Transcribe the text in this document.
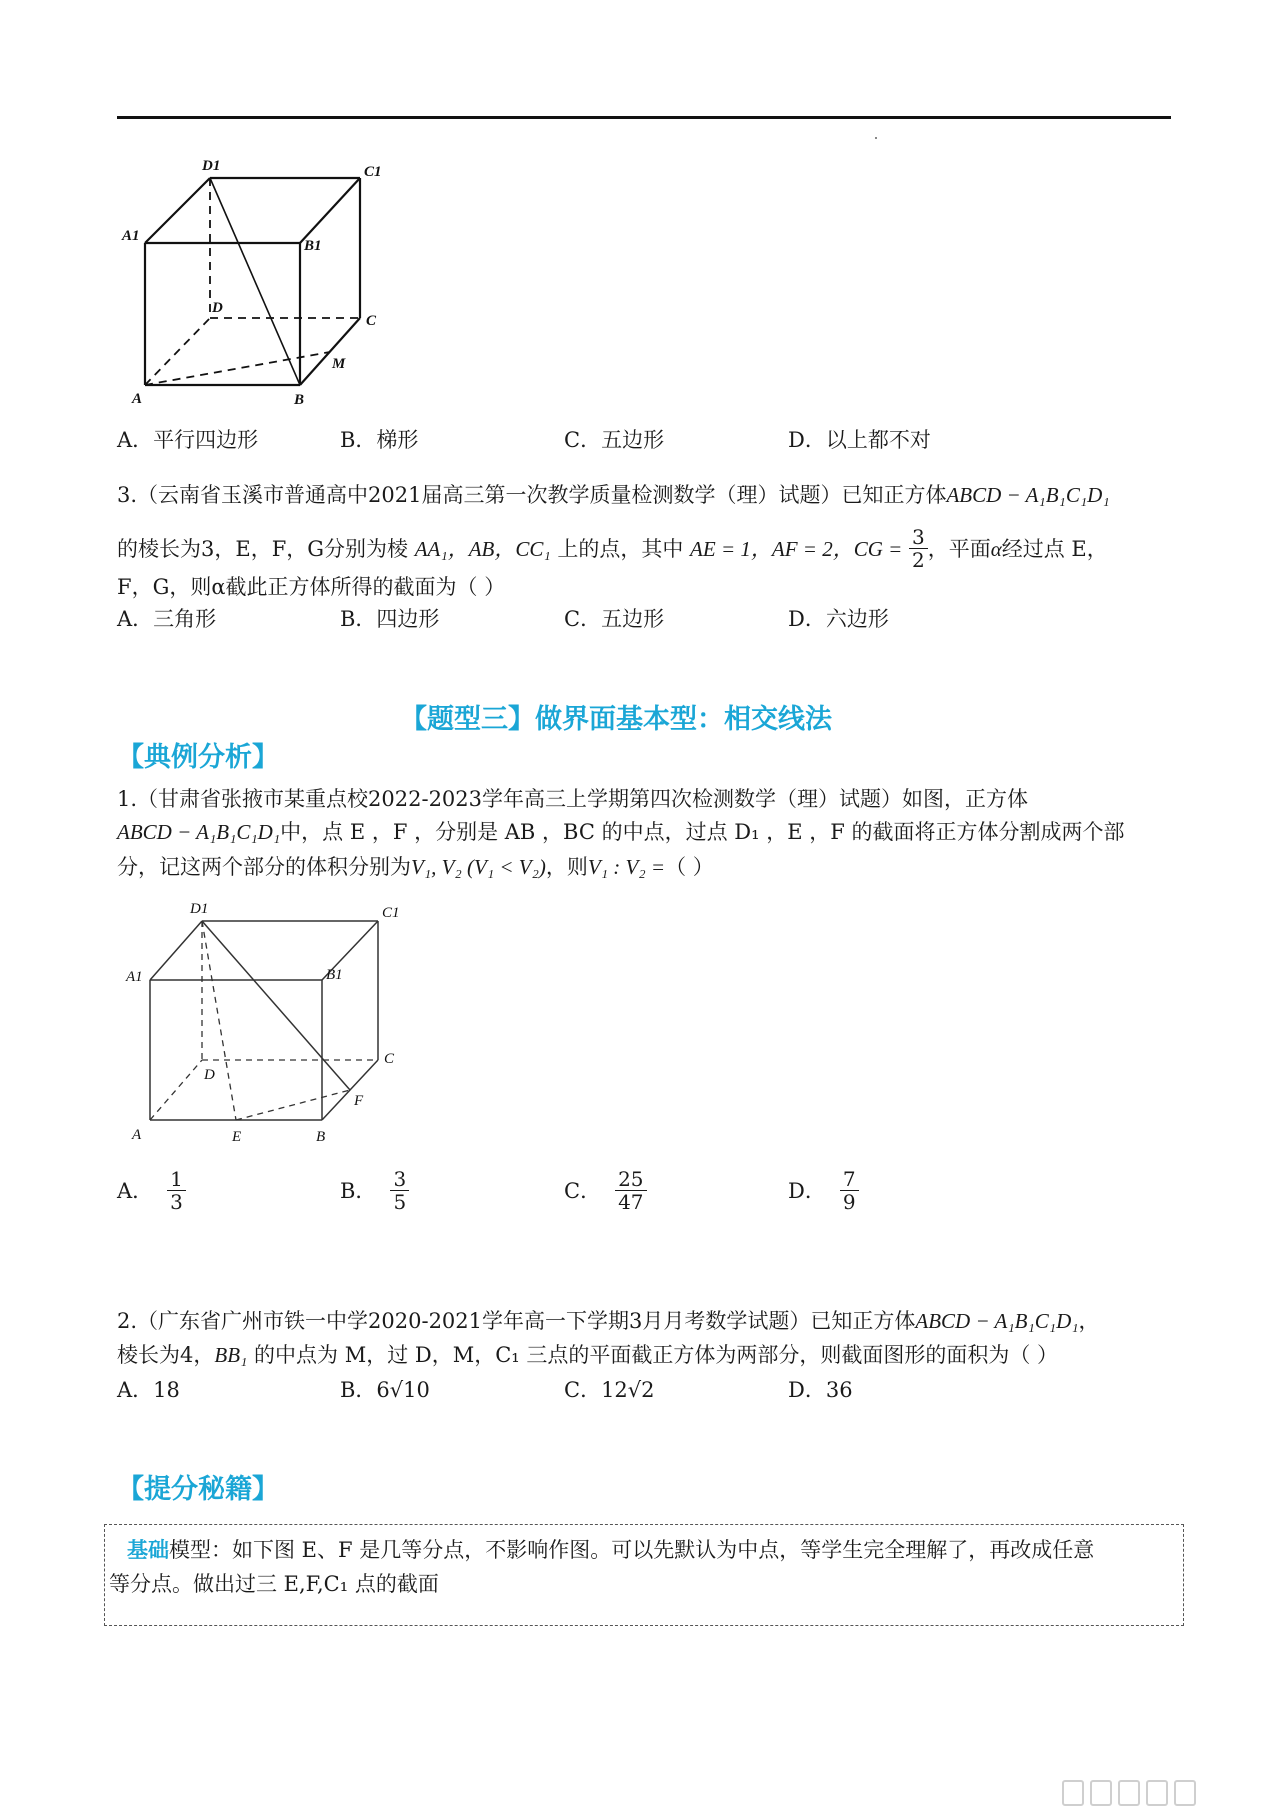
D1	C1
A1
B1
D
C
M
A	B
A．平行四边形	B．梯形	C．五边形	D．以上都不对
3.（云南省玉溪市普通高中2021届高三第一次教学质量检测数学（理）试题）已知正方体ABCD − A₁B₁C₁D₁
的棱长为3，E，F，G分别为棱
AA₁，AB，CC₁
上的点，其中
AE = 1，AF = 2，CG =
$\frac{3}{2}$ ，平面 α 经过点 E，
F，G，则α截此正方体所得的截面为（ ）
A．三角形	B．四边形	C．五边形	D．六边形
【题型三】做界面基本型：相交线法
【典例分析】
1.（甘肃省张掖市某重点校2022-2023学年高三上学期第四次检测数学（理）试题）如图，正方体
ABCD − A₁B₁C₁D₁中，点 E ，F ，分别是 AB ，BC 的中点，过点 D₁ ，E ，F 的截面将正方体分割成两个部
分，记这两个部分的体积分别为V₁, V₂ (V₁ < V₂)，则V₁ : V₂ =（ ）
D1	C1
A1	B1
D
C
F
A	E	B
A． $\frac{1}{3}$	B． $\frac{3}{5}$	C． $\frac{25}{47}$	D． $\frac{7}{9}$
2.（广东省广州市铁一中学2020-2021学年高一下学期3月月考数学试题）已知正方体ABCD − A₁B₁C₁D₁，
棱长为4，BB₁ 的中点为 M，过 D，M，C₁ 三点的平面截正方体为两部分，则截面图形的面积为（ ）
A．18	B．6√10	C．12√2	D．36
【提分秘籍】
基础模型：如下图 E、F 是几等分点，不影响作图。可以先默认为中点，等学生完全理解了，再改成任意
等分点。做出过三 E,F,C₁ 点的截面
